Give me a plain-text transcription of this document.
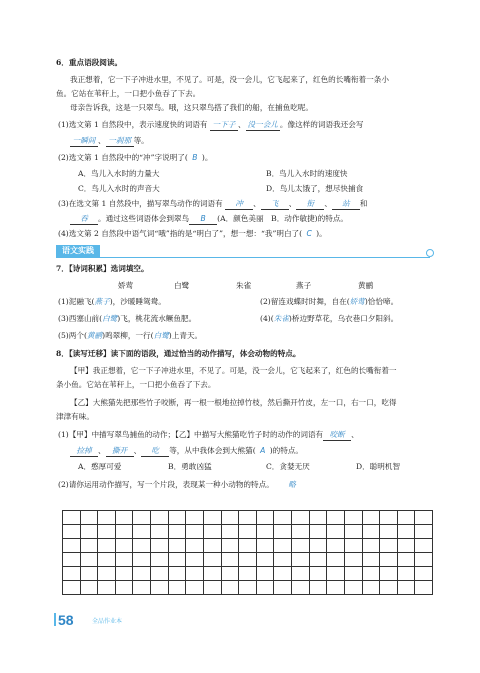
6．重点语段阅读。
我正想着，它一下子冲进水里，不见了。可是，没一会儿，它飞起来了，红色的长嘴衔着一条小
鱼。它站在苇秆上，一口把小鱼吞了下去。
母亲告诉我，这是一只翠鸟。哦，这只翠鸟搭了我们的船，在捕鱼吃呢。
(1)选文第 1 自然段中，表示速度快的词语有 一下子 、 没一会儿 。像这样的词语我还会写
一瞬间 、 一刹那 等。
(2)选文第 1 自然段中的“冲”字说明了( B )。
A．鸟儿入水时的力量大	B．鸟儿入水时的速度快
C．鸟儿入水时的声音大	D．鸟儿太饿了，想尽快捕食
(3)在选文第 1 自然段中，描写翠鸟动作的词语有 冲 、 飞 、 衔 、 站 和
吞 。通过这些词语体会到翠鸟 B (A．颜色美丽　B．动作敏捷)的特点。
(4)选文第 2 自然段中语气词“哦”指的是“明白了”，想一想：“我”明白了( C )。
语文实践
7．【诗词积累】选词填空。
娇莺	白鹭	朱雀	燕子	黄鹂
(1)泥融飞(燕子)，沙暖睡鸳鸯。	(2)留连戏蝶时时舞，自在(娇莺)恰恰啼。
(3)西塞山前(白鹭)飞，桃花流水鳜鱼肥。	(4)(朱雀)桥边野草花，乌衣巷口夕阳斜。
(5)两个(黄鹂)鸣翠柳，一行(白鹭)上青天。
8．【读写迁移】读下面的语段，通过恰当的动作描写，体会动物的特点。
【甲】我正想着，它一下子冲进水里，不见了。可是，没一会儿，它飞起来了，红色的长嘴衔着一
条小鱼。它站在苇秆上，一口把小鱼吞了下去。
【乙】大熊猫先把那些竹子咬断，再一根一根地拉掉竹枝，然后撕开竹皮，左一口，右一口，吃得
津津有味。
(1)【甲】中描写翠鸟捕鱼的动作；【乙】中描写大熊猫吃竹子时的动作的词语有 咬断 、
拉掉 、 撕开 、 吃 等，从中我体会到大熊猫( A )的特点。
A．憨厚可爱	B．勇敢凶猛	C．贪婪无厌	D．聪明机智
(2)请你运用动作描写，写一个片段，表现某一种小动物的特点。 略
58	全品作业本
